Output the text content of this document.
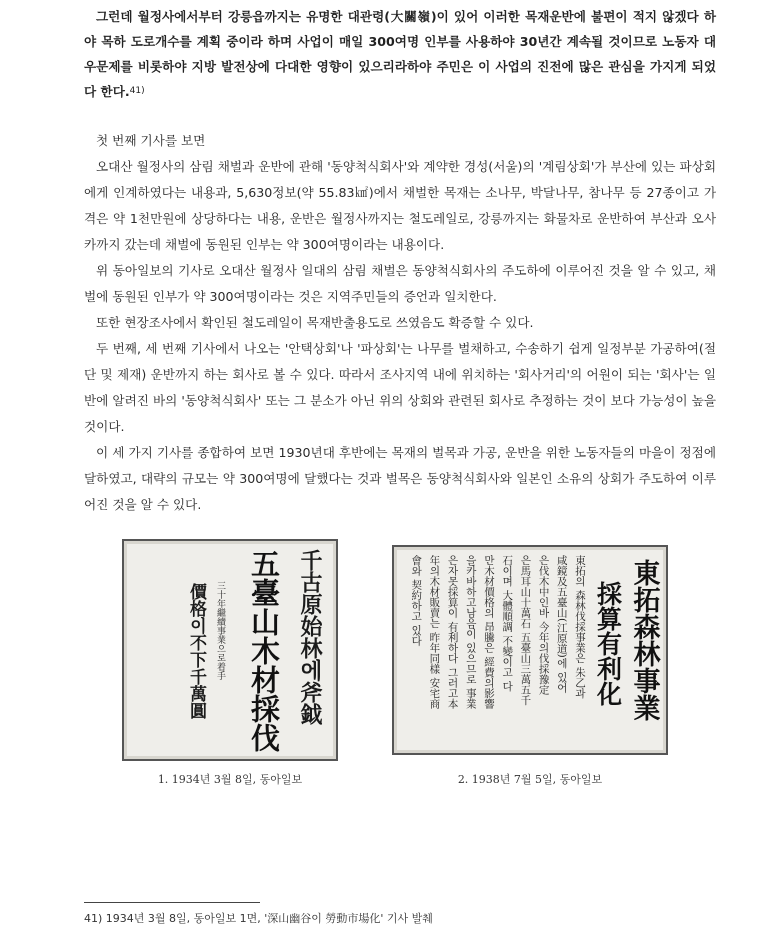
그런데 월정사에서부터 강릉읍까지는 유명한 대관령(大關嶺)이 있어 이러한 목재운반에 불편이 적지 않겠다 하야 목하 도로개수를 계획 중이라 하며 사업이 매일 300여명 인부를 사용하야 30년간 계속될 것이므로 노동자 대우문제를 비롯하야 지방 발전상에 다대한 영향이 있으리라하야 주민은 이 사업의 진전에 많은 관심을 가지게 되었다 한다.$^{41)}$

첫 번째 기사를 보면

오대산 월정사의 삼림 채벌과 운반에 관해 '동양척식회사'와 계약한 경성(서울)의 '계림상회'가 부산에 있는 파상회에게 인계하였다는 내용과, 5,630정보(약 55.83㎢)에서 채벌한 목재는 소나무, 박달나무, 참나무 등 27종이고 가격은 약 1천만원에 상당하다는 내용, 운반은 월정사까지는 철도레일로, 강릉까지는 화물차로 운반하여 부산과 오사카까지 갔는데 채벌에 동원된 인부는 약 300여명이라는 내용이다.

위 동아일보의 기사로 오대산 월정사 일대의 삼림 채벌은 동양척식회사의 주도하에 이루어진 것을 알 수 있고, 채벌에 동원된 인부가 약 300여명이라는 것은 지역주민들의 증언과 일치한다.

또한 현장조사에서 확인된 철도레일이 목재반출용도로 쓰였음도 확증할 수 있다.

두 번째, 세 번째 기사에서 나오는 '안택상회'나 '파상회'는 나무를 벌채하고, 수송하기 쉽게 일정부분 가공하여(절단 및 제재) 운반까지 하는 회사로 볼 수 있다. 따라서 조사지역 내에 위치하는 '회사거리'의 어원이 되는 '회사'는 일반에 알려진 바의 '동양척식회사' 또는 그 분소가 아닌 위의 상회와 관련된 회사로 추정하는 것이 보다 가능성이 높을 것이다.

이 세 가지 기사를 종합하여 보면 1930년대 후반에는 목재의 벌목과 가공, 운반을 위한 노동자들의 마을이 정점에 달하였고, 대략의 규모는 약 300여명에 달했다는 것과 벌목은 동양척식회사와 일본인 소유의 상회가 주도하여 이루어진 것을 알 수 있다.

千古原始林에斧鉞
五臺山木材採伐
三十年繼續事業으로着手
價格이不下千萬圓	東拓森林事業
採算有利化
東拓의 森林伐採事業은 朱乙과
咸鏡及五臺山(江原道)에 있어
은伐木中인바 今年의伐採豫定
은馬耳山十萬石 五臺山三萬五千
石이며 大體順調 不變이고 다
만木材價格의 昂騰은 經費의影響
을카바하고남음이 있으므로 事業
은자못採算이 有利하다 그러고本
年의木材販賣는 昨年同樣 安宅商
會와 契約하고 있다
1. 1934년 3월 8일, 동아일보	2. 1938년 7월 5일, 동아일보
41) 1934년 3월 8일, 동아일보 1면, '深山幽谷이 勞動市場化' 기사 발췌
